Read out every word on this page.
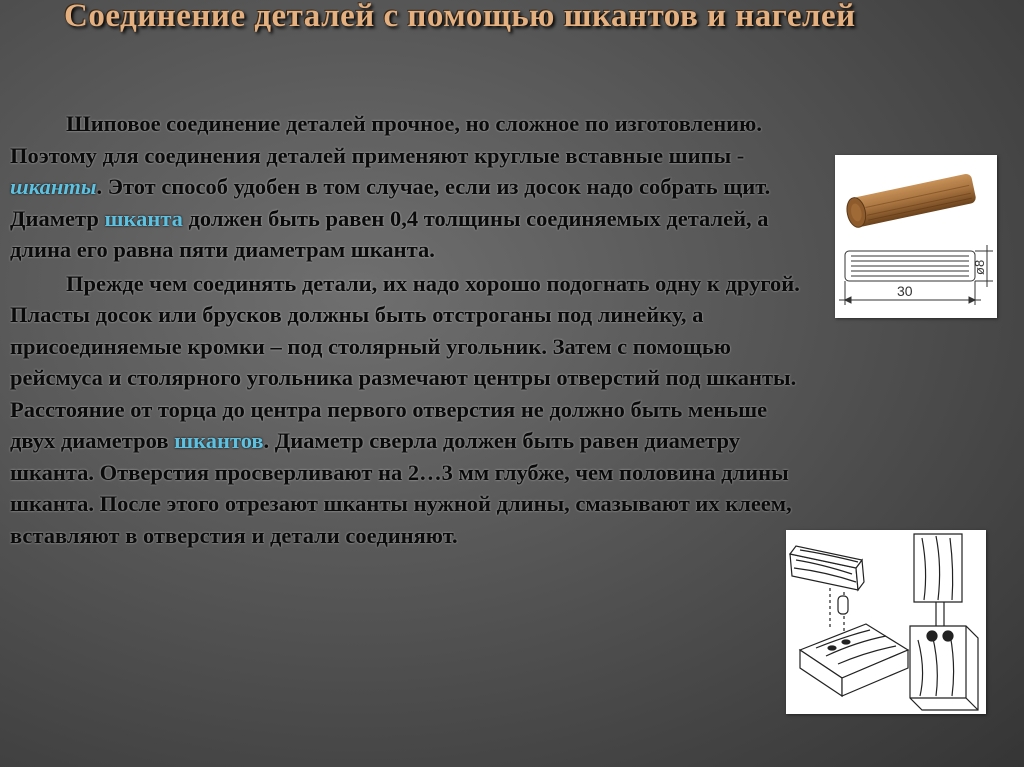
Соединение деталей с помощью шкантов и нагелей

Шиповое соединение деталей прочное, но сложное по изготовлению. Поэтому для соединения деталей применяют круглые вставные шипы - шканты. Этот способ удобен в том случае, если из досок надо собрать щит. Диаметр шканта должен быть равен 0,4 толщины соединяемых деталей, а длина его равна пяти диаметрам шканта.

Прежде чем соединять детали, их надо хорошо подогнать одну к другой. Пласты досок или брусков должны быть отстроганы под линейку, а присоединяемые кромки – под столярный угольник. Затем с помощью рейсмуса и столярного угольника размечают центры отверстий под шканты. Расстояние от торца до центра первого отверстия не должно быть меньше двух диаметров шкантов. Диаметр сверла должен быть равен диаметру шканта. Отверстия просверливают на 2…3 мм глубже, чем половина длины шканта. После этого отрезают шканты нужной длины, смазывают их клеем, вставляют в отверстия и детали соединяют.

30
ø8
